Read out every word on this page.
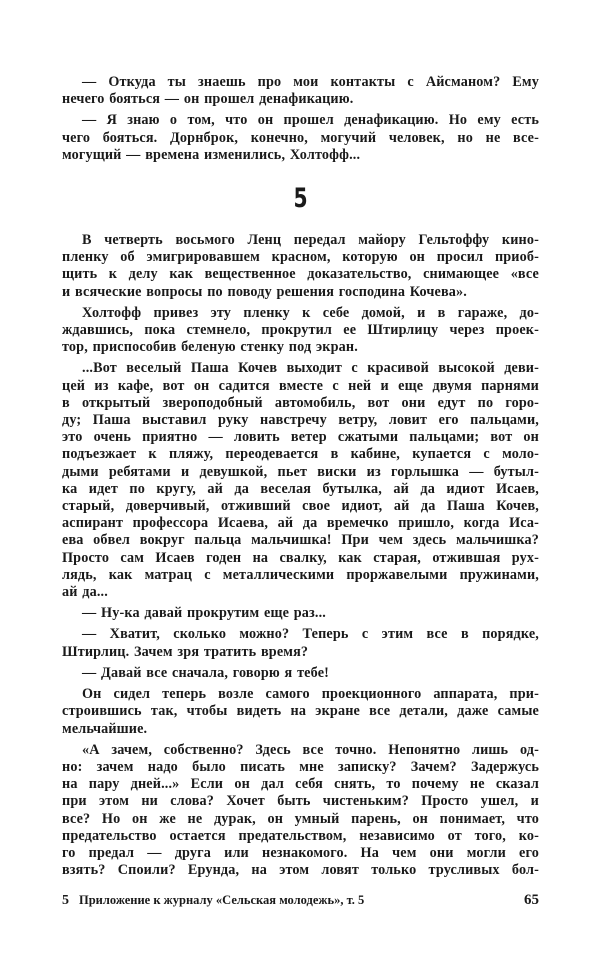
— Откуда ты знаешь про мои контакты с Айсманом? Ему
нечего бояться — он прошел денафикацию.
— Я знаю о том, что он прошел денафикацию. Но ему есть
чего бояться. Дорнброк, конечно, могучий человек, но не все-
могущий — времена изменились, Холтофф...
5
В четверть восьмого Ленц передал майору Гельтоффу кино-
пленку об эмигрировавшем красном, которую он просил приоб-
щить к делу как вещественное доказательство, снимающее «все
и всяческие вопросы по поводу решения господина Кочева».
Холтофф привез эту пленку к себе домой, и в гараже, до-
ждавшись, пока стемнело, прокрутил ее Штирлицу через проек-
тор, приспособив беленую стенку под экран.
...Вот веселый Паша Кочев выходит с красивой высокой деви-
цей из кафе, вот он садится вместе с ней и еще двумя парнями
в открытый звероподобный автомобиль, вот они едут по горо-
ду; Паша выставил руку навстречу ветру, ловит его пальцами,
это очень приятно — ловить ветер сжатыми пальцами; вот он
подъезжает к пляжу, переодевается в кабине, купается с моло-
дыми ребятами и девушкой, пьет виски из горлышка — бутыл-
ка идет по кругу, ай да веселая бутылка, ай да идиот Исаев,
старый, доверчивый, отживший свое идиот, ай да Паша Кочев,
аспирант профессора Исаева, ай да времечко пришло, когда Иса-
ева обвел вокруг пальца мальчишка! При чем здесь мальчишка?
Просто сам Исаев годен на свалку, как старая, отжившая рух-
лядь, как матрац с металлическими проржавелыми пружинами,
ай да...
— Ну-ка давай прокрутим еще раз...
— Хватит, сколько можно? Теперь с этим все в порядке,
Штирлиц. Зачем зря тратить время?
— Давай все сначала, говорю я тебе!
Он сидел теперь возле самого проекционного аппарата, при-
строившись так, чтобы видеть на экране все детали, даже самые
мельчайшие.
«А зачем, собственно? Здесь все точно. Непонятно лишь од-
но: зачем надо было писать мне записку? Зачем? Задержусь
на пару дней...» Если он дал себя снять, то почему не сказал
при этом ни слова? Хочет быть чистеньким? Просто ушел, и
все? Но он же не дурак, он умный парень, он понимает, что
предательство остается предательством, независимо от того, ко-
го предал — друга или незнакомого. На чем они могли его
взять? Споили? Ерунда, на этом ловят только трусливых бол-
5 Приложение к журналу «Сельская молодежь», т. 5	65
